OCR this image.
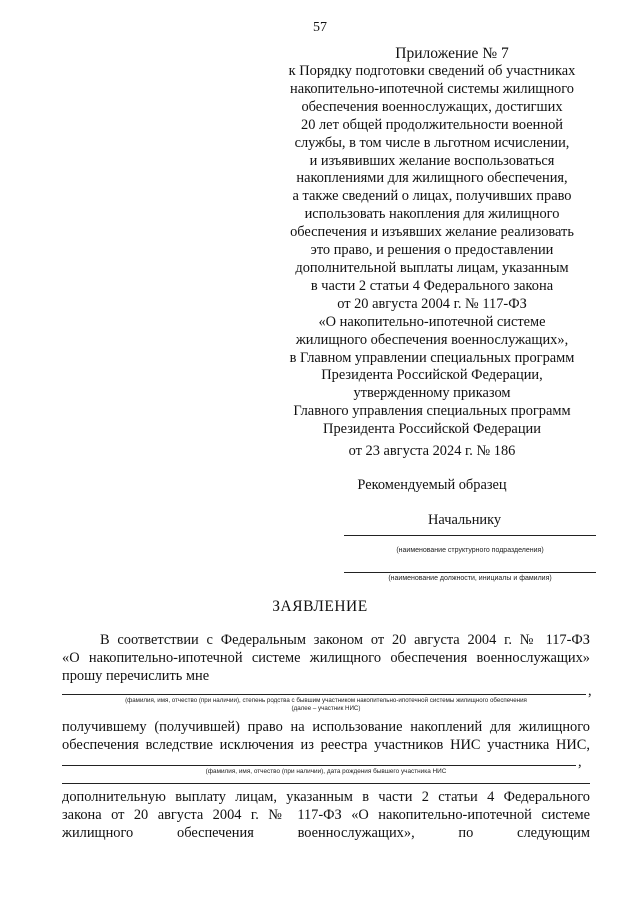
57
Приложение № 7
к Порядку подготовки сведений об участниках
накопительно-ипотечной системы жилищного
обеспечения военнослужащих, достигших
20 лет общей продолжительности военной
службы, в том числе в льготном исчислении,
и изъявивших желание воспользоваться
накоплениями для жилищного обеспечения,
а также сведений о лицах, получивших право
использовать накопления для жилищного
обеспечения и изъявших желание реализовать
это право, и решения о предоставлении
дополнительной выплаты лицам, указанным
в части 2 статьи 4 Федерального закона
от 20 августа 2004 г. № 117-ФЗ
«О накопительно-ипотечной системе
жилищного обеспечения военнослужащих»,
в Главном управлении специальных программ
Президента Российской Федерации,
утвержденному приказом
Главного управления специальных программ
Президента Российской Федерации
от 23 августа 2024 г. № 186
Рекомендуемый образец
Начальнику
(наименование структурного подразделения)
(наименование должности, инициалы и фамилия)
ЗАЯВЛЕНИЕ
В соответствии с Федеральным законом от 20 августа 2004 г. № 117-ФЗ
«О накопительно-ипотечной системе жилищного обеспечения военнослужащих»
прошу перечислить мне
,
(фамилия, имя, отчество (при наличии), степень родства с бывшим участником накопительно-ипотечной системы жилищного обеспечения
(далее – участник НИС)
получившему (получившей) право на использование накоплений для жилищного
обеспечения вследствие исключения из реестра участников НИС участника НИС,
,
(фамилия, имя, отчество (при наличии), дата рождения бывшего участника НИС
дополнительную выплату лицам, указанным в части 2 статьи 4 Федерального
закона от 20 августа 2004 г. № 117-ФЗ «О накопительно-ипотечной системе
жилищного обеспечения военнослужащих», по следующим
